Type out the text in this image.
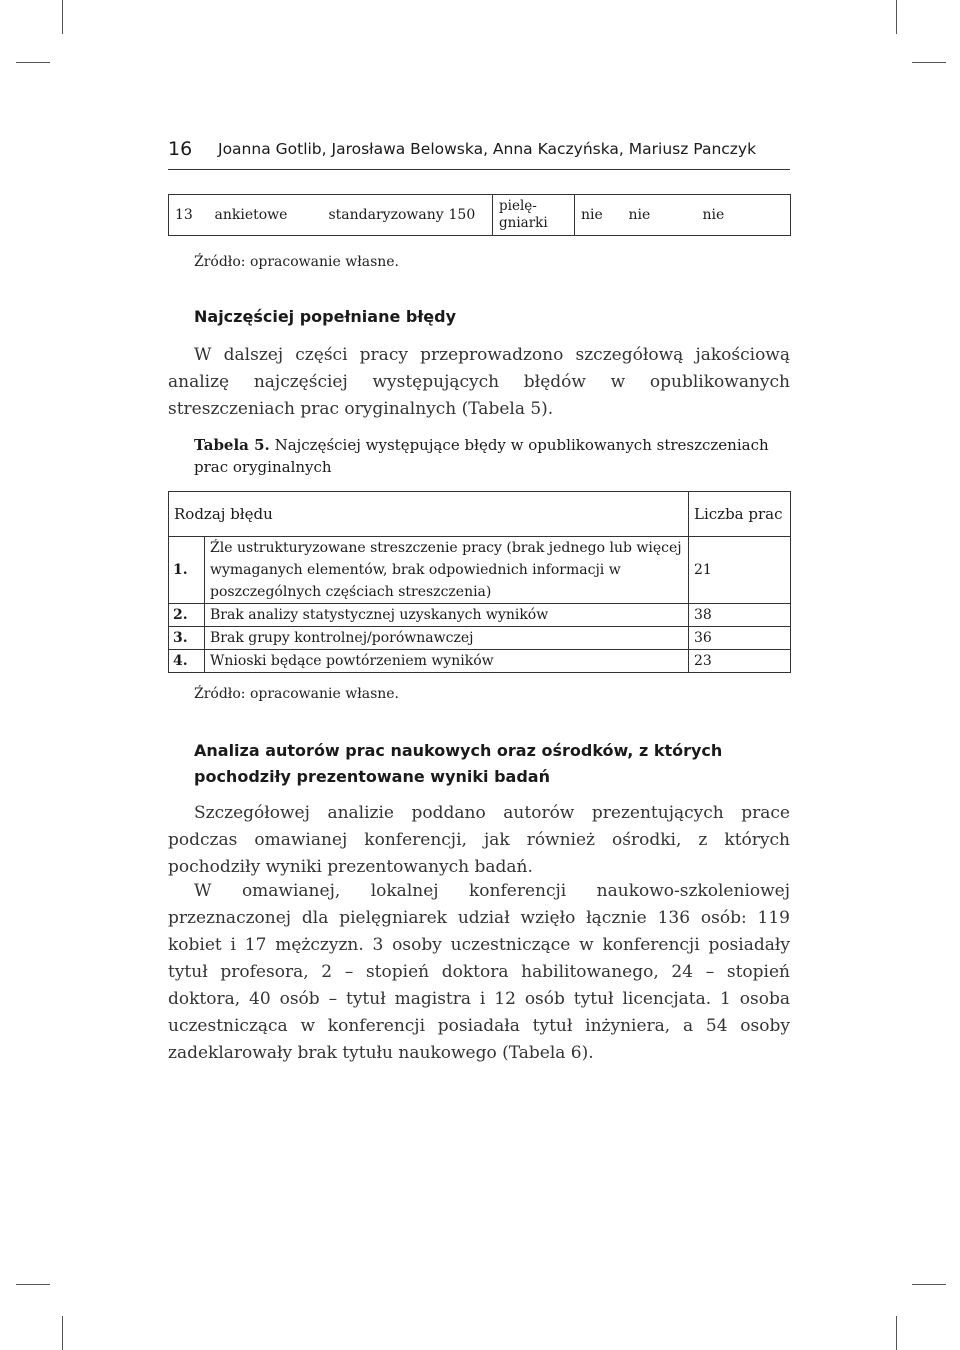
16 Joanna Gotlib, Jarosława Belowska, Anna Kaczyńska, Mariusz Panczyk
13	ankietowe	standaryzowany	150	pielę-
gniarki	nie	nie	nie
Źródło: opracowanie własne.
Najczęściej popełniane błędy

W dalszej części pracy przeprowadzono szczegółową jakościową analizę najczęściej występujących błędów w opublikowanych streszczeniach prac oryginalnych (Tabela 5).

Tabela 5. Najczęściej występujące błędy w opublikowanych streszczeniach prac oryginalnych
Rodzaj błędu		Liczba prac
1.	Źle ustrukturyzowane streszczenie pracy (brak jednego lub więcej wymaganych elementów, brak odpowiednich informacji w poszczególnych częściach streszczenia)	21
2.	Brak analizy statystycznej uzyskanych wyników	38
3.	Brak grupy kontrolnej/porównawczej	36
4.	Wnioski będące powtórzeniem wyników	23
Źródło: opracowanie własne.
Analiza autorów prac naukowych oraz ośrodków, z których pochodziły prezentowane wyniki badań

Szczegółowej analizie poddano autorów prezentujących prace podczas omawianej konferencji, jak również ośrodki, z których pochodziły wyniki prezentowanych badań.

W omawianej, lokalnej konferencji naukowo-szkoleniowej przeznaczonej dla pielęgniarek udział wzięło łącznie 136 osób: 119 kobiet i 17 mężczyzn. 3 osoby uczestniczące w konferencji posiadały tytuł profesora, 2 – stopień doktora habilitowanego, 24 – stopień doktora, 40 osób – tytuł magistra i 12 osób tytuł licencjata. 1 osoba uczestnicząca w konferencji posiadała tytuł inżyniera, a 54 osoby zadeklarowały brak tytułu naukowego (Tabela 6).
